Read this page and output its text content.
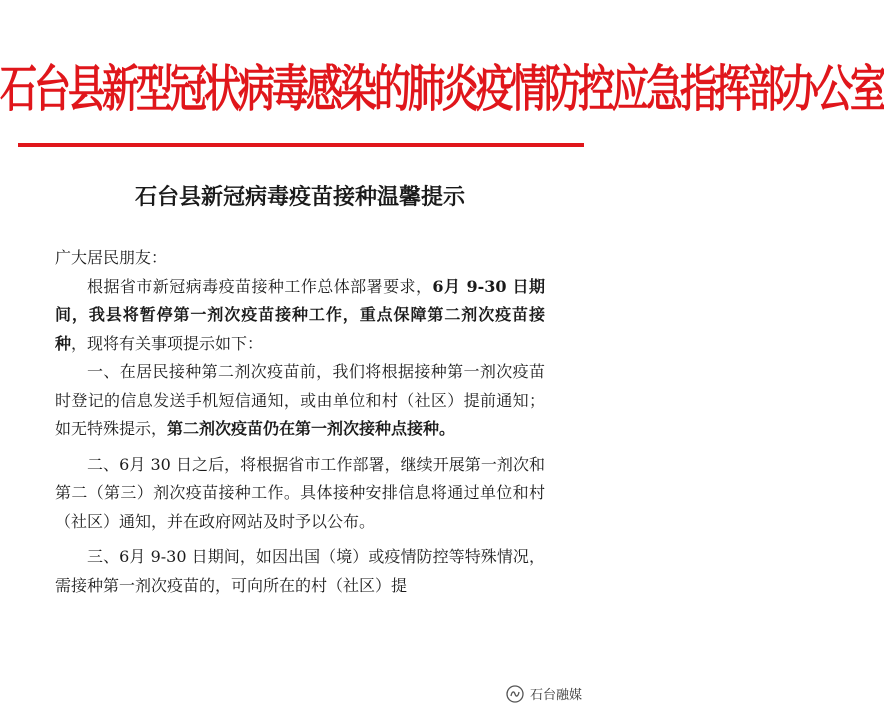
石台县新型冠状病毒感染的肺炎疫情防控应急指挥部办公室
石台县新冠病毒疫苗接种温馨提示

广大居民朋友：

根据省市新冠病毒疫苗接种工作总体部署要求，6月 9-30 日期间，我县将暂停第一剂次疫苗接种工作，重点保障第二剂次疫苗接种，现将有关事项提示如下：

一、在居民接种第二剂次疫苗前，我们将根据接种第一剂次疫苗时登记的信息发送手机短信通知，或由单位和村（社区）提前通知；如无特殊提示，第二剂次疫苗仍在第一剂次接种点接种。

二、6月 30 日之后，将根据省市工作部署，继续开展第一剂次和第二（第三）剂次疫苗接种工作。具体接种安排信息将通过单位和村（社区）通知，并在政府网站及时予以公布。

三、6月 9-30 日期间，如因出国（境）或疫情防控等特殊情况，需接种第一剂次疫苗的，可向所在的村（社区）提

石台融媒
